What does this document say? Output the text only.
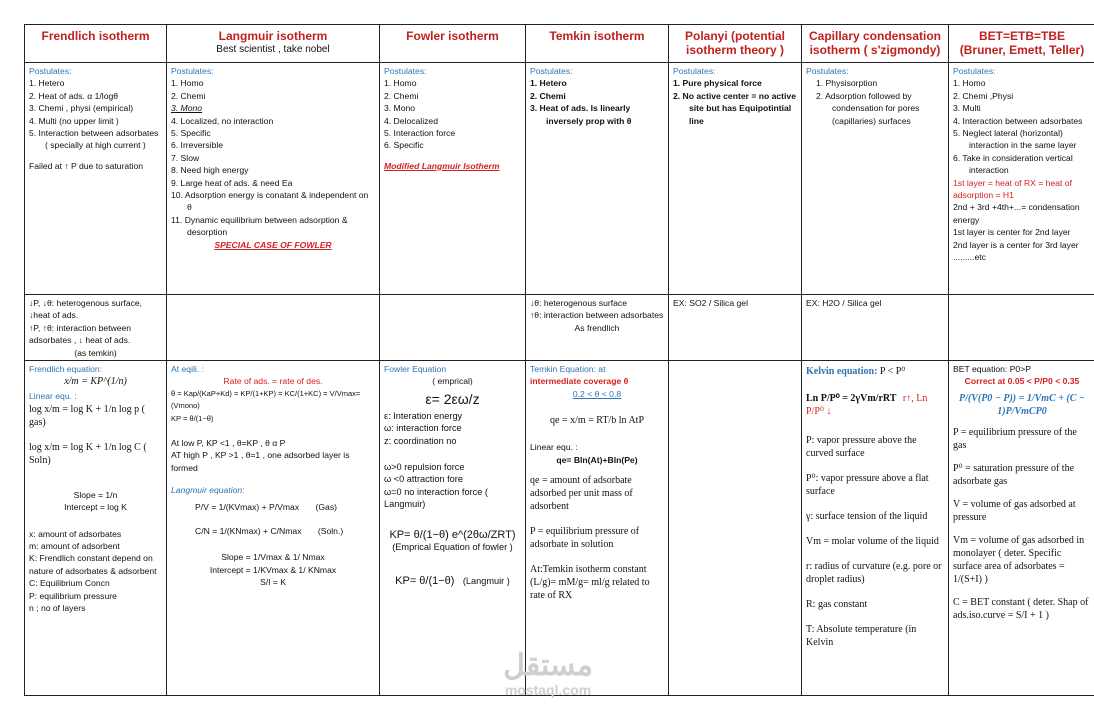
Frendlich isotherm
Postulates:
1. Hetero
2. Heat of ads. α 1/logθ
3. Chemi , physi (empirical)
4. Multi (no upper limit )
5. Interaction between adsorbates ( specially at high current )
Failed at ↑ P due to saturation
↓P, ↓θ: heterogenous surface, ↓heat of ads.
↑P, ↑θ: interaction between adsorbates , ↓ heat of ads.
(as temkin)
Frendlich equation:
x/m = KP^(1/n)
Linear equ. :
log x/m = log K + 1/n log p ( gas)
log x/m = log K + 1/n log C ( Soln)
Slope = 1/n
Intercept = log K
x: amount of adsorbates
m: amount of adsorbent
K: Frendlich constant depend on nature of adsorbates & adsorbent
C: Equilibrium Concn
P: equilibrium pressure
n ; no of layers
Langmuir isotherm
Best scientist , take nobel
Postulates:
1. Homo
2. Chemi
3. Mono
4. Localized, no interaction
5. Specific
6. Irreversible
7. Slow
8. Need high energy
9. Large heat of ads. & need Ea
10. Adsorption energy is conatant & independent on θ
11. Dynamic equilibrium between adsorption & desorption
SPECIAL CASE OF FOWLER
At eqili. :
Rate of ads. = rate of des.
θ = Kap/(KaP+Kd) = KP/(1+KP) = KC/(1+KC) = V/Vmax=(Vmono)
KP = θ/(1−θ)
At low P, KP <1 , θ=KP , θ α P
AT high P , KP >1 , θ=1 , one adsorbed layer is formed
Langmuir equation:
P/V = 1/(KVmax) + P/Vmax (Gas)
C/N = 1/(KNmax) + C/Nmax (Soln.)
Slope = 1/Vmax & 1/ Nmax
Intercept = 1/KVmax & 1/ KNmax
S/I = K
Fowler isotherm
Postulates:
1. Homo
2. Chemi
3. Mono
4. Delocalized
5. Interaction force
6. Specific
Modified Langmuir Isotherm
Fowler Equation
( emprical)
ε= 2εω/z
ε: Interation energy
ω: interaction force
z: coordination no
ω>0 repulsion force
ω <0 attraction fore
ω=0 no interaction force ( Langmuir)
KP= θ/(1−θ) e^(2θω/ZRT)
(Emprical Equation of fowler )
KP= θ/(1−θ) (Langmuir )
Temkin isotherm
Postulates:
1. Hetero
2. Chemi
3. Heat of ads. Is linearly inversely prop with θ
↓θ: heterogenous surface
↑θ: interaction between adsorbates
As frendlich
Temkin Equation: at
intermediate coverage θ
0.2 < θ < 0.8
qe = x/m = RT/b ln AtP
Linear equ. :
qe= Bln(At)+Bln(Pe)
qe = amount of adsorbate adsorbed per unit mass of adsorbent
P = equilibrium pressure of adsorbate in solution
At:Temkin isotherm constant (L/g)= mM/g= ml/g related to rate of RX
Polanyi (potential isotherm theory )
Postulates:
1. Pure physical force
2. No active center = no active site but has Equipotintial line
EX: SO2 / Silica gel
Capillary condensation isotherm ( s'zigmondy)
Postulates:
1. Physisorption
2. Adsorption followed by condensation for pores (capillaries) surfaces
EX: H2O / Silica gel
Kelvin equation: P < P⁰
Ln P/P⁰ = 2γVm/rRT r↑, Ln P/P⁰ ↓
P: vapor pressure above the curved surface
P⁰: vapor pressure above a flat surface
γ: surface tension of the liquid
Vm = molar volume of the liquid
r: radius of curvature (e.g. pore or droplet radius)
R: gas constant
T: Absolute temperature (in Kelvin
BET=ETB=TBE
(Bruner, Emett, Teller)
Postulates:
1. Homo
2. Chemi ,Physi
3. Multi
4. Interaction between adsorbates
5. Neglect lateral (horizontal) interaction in the same layer
6. Take in consideration vertical interaction
1st layer = heat of RX = heat of adsorption = H1
2nd + 3rd +4th+...= condensation energy
1st layer is center for 2nd layer
2nd layer is a center for 3rd layer .........etc
BET equation: P0>P
Correct at 0.05 < P/P0 < 0.35
P/(V(P0 − P)) = 1/VmC + (C − 1)P/VmCP0
P = equilibrium pressure of the gas
P⁰ = saturation pressure of the adsorbate gas
V = volume of gas adsorbed at pressure
Vm = volume of gas adsorbed in monolayer ( deter. Specific surface area of adsorbates = 1/(S+I) )
C = BET constant ( deter. Shap of ads.iso.curve = S/I + 1 )
مستقل
mostaql.com
